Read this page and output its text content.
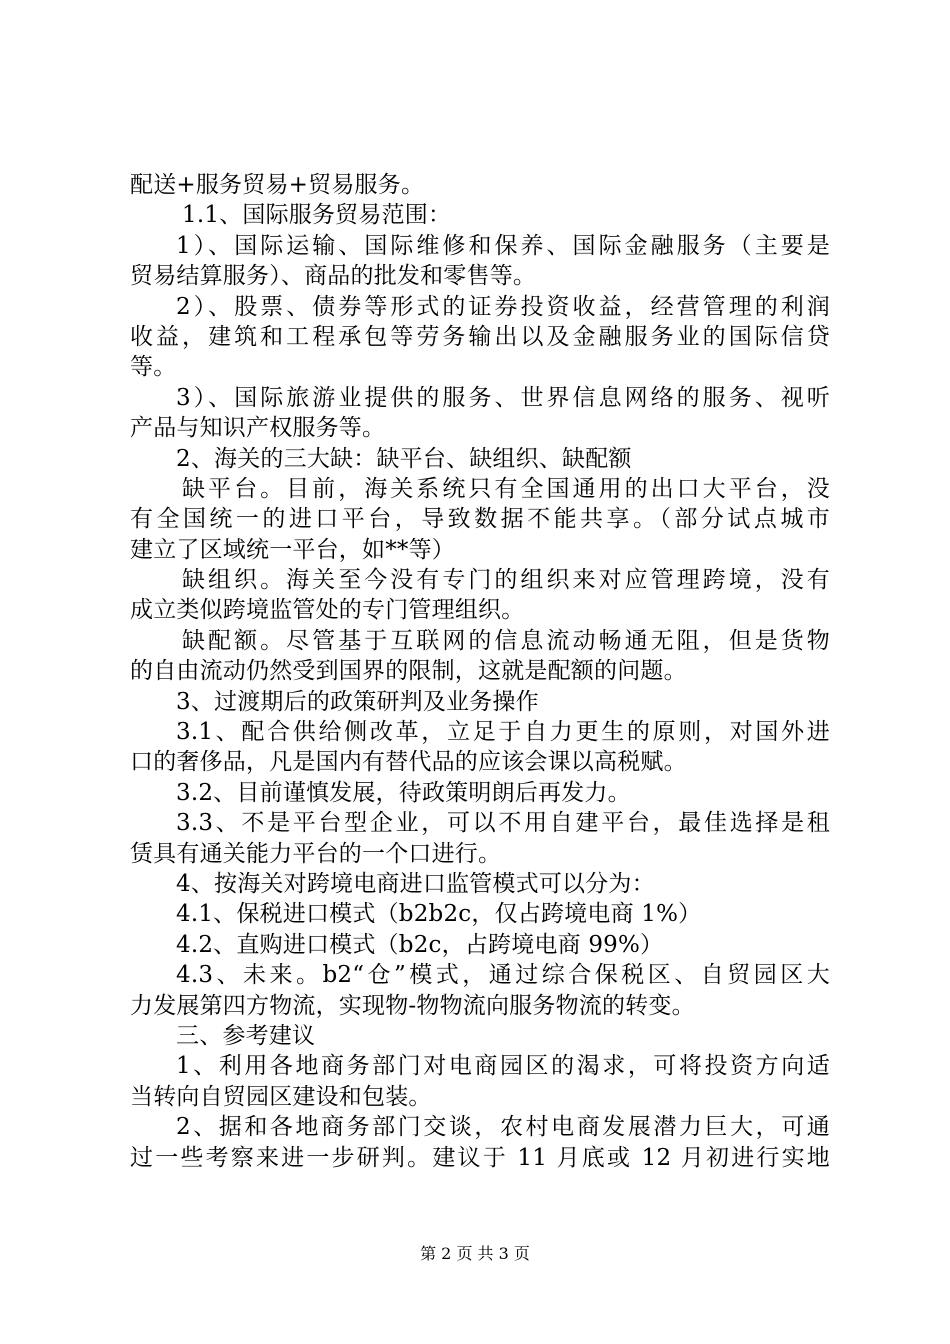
配送+服务贸易+贸易服务。
1.1、国际服务贸易范围：
1）、国际运输、国际维修和保养、国际金融服务（主要是
贸易结算服务）、商品的批发和零售等。
2）、股票、债券等形式的证券投资收益，经营管理的利润
收益，建筑和工程承包等劳务输出以及金融服务业的国际信贷
等。
3）、国际旅游业提供的服务、世界信息网络的服务、视听
产品与知识产权服务等。
2、海关的三大缺：缺平台、缺组织、缺配额
缺平台。目前，海关系统只有全国通用的出口大平台，没
有全国统一的进口平台，导致数据不能共享。（部分试点城市
建立了区域统一平台，如**等）
缺组织。海关至今没有专门的组织来对应管理跨境，没有
成立类似跨境监管处的专门管理组织。
缺配额。尽管基于互联网的信息流动畅通无阻，但是货物
的自由流动仍然受到国界的限制，这就是配额的问题。
3、过渡期后的政策研判及业务操作
3.1、配合供给侧改革，立足于自力更生的原则，对国外进
口的奢侈品，凡是国内有替代品的应该会课以高税赋。
3.2、目前谨慎发展，待政策明朗后再发力。
3.3、不是平台型企业，可以不用自建平台，最佳选择是租
赁具有通关能力平台的一个口进行。
4、按海关对跨境电商进口监管模式可以分为：
4.1、保税进口模式（b2b2c，仅占跨境电商 1%）
4.2、直购进口模式（b2c，占跨境电商 99%）
4.3、未来。b2“仓”模式，通过综合保税区、自贸园区大
力发展第四方物流，实现物-物物流向服务物流的转变。
三、参考建议
1、利用各地商务部门对电商园区的渴求，可将投资方向适
当转向自贸园区建设和包装。
2、据和各地商务部门交谈，农村电商发展潜力巨大，可通
过一些考察来进一步研判。建议于 11 月底或 12 月初进行实地
第 2 页 共 3 页
